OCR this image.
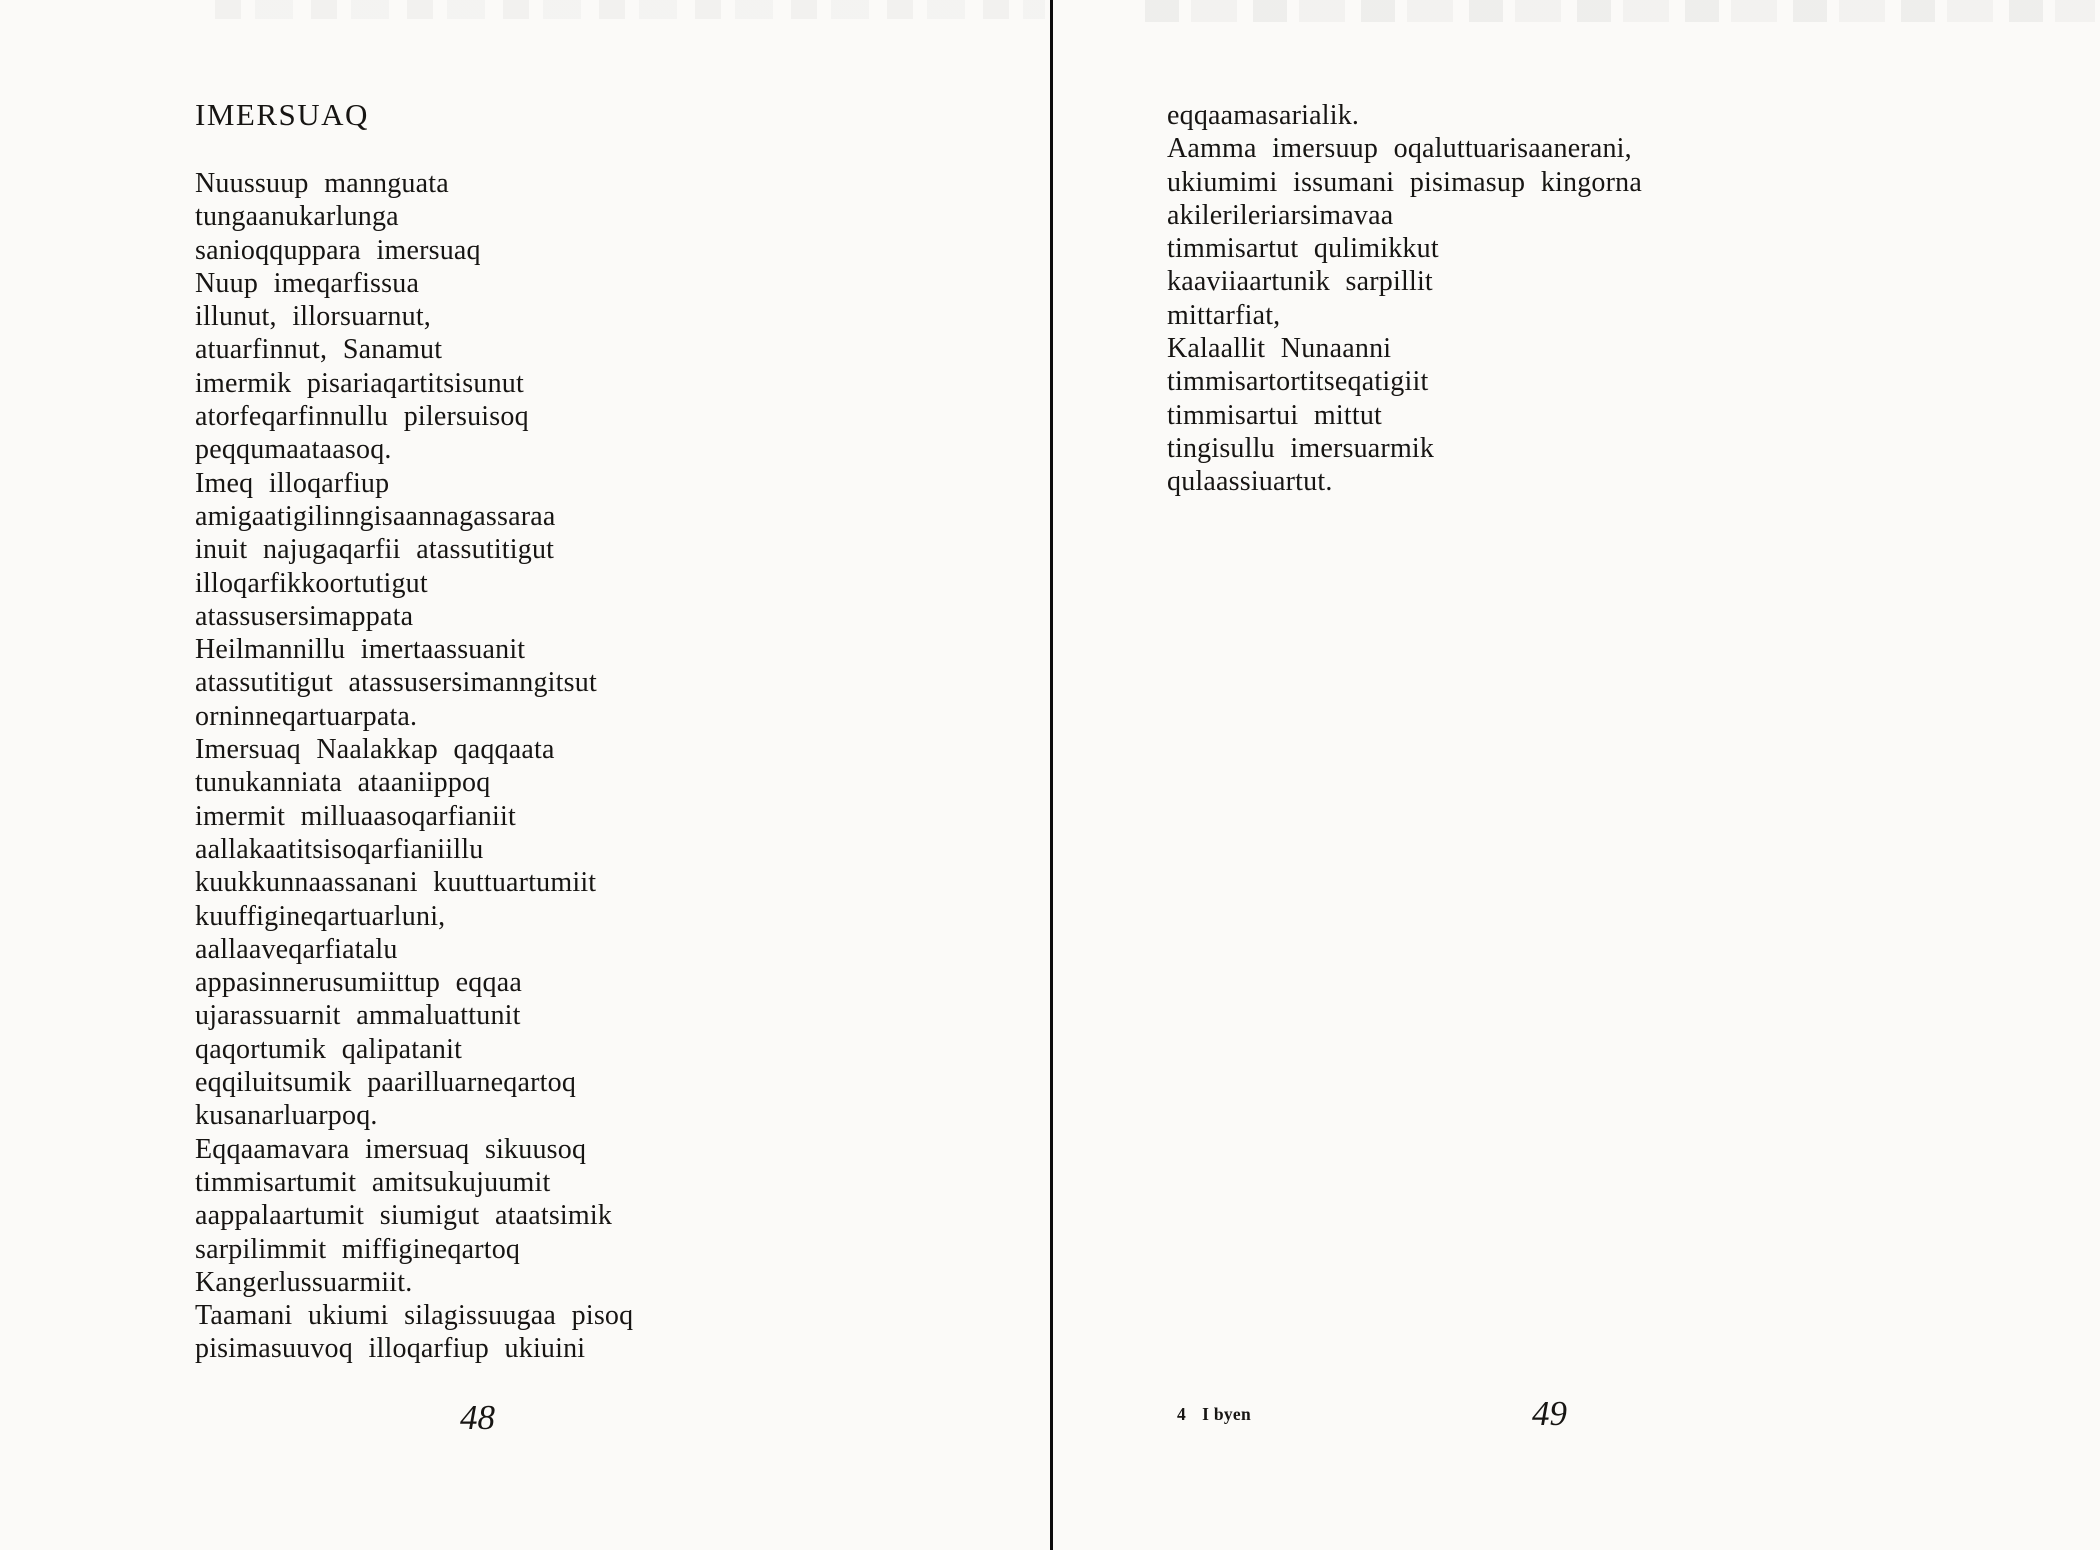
IMERSUAQ
Nuussuup mannguata
tungaanukarlunga
sanioqquppara imersuaq
Nuup imeqarfissua
illunut, illorsuarnut,
atuarfinnut, Sanamut
imermik pisariaqartitsisunut
atorfeqarfinnullu pilersuisoq
peqqumaataasoq.
Imeq illoqarfiup
amigaatigilinngisaannagassaraa
inuit najugaqarfii atassutitigut
illoqarfikkoortutigut
atassusersimappata
Heilmannillu imertaassuanit
atassutitigut atassusersimanngitsut
orninneqartuarpata.
Imersuaq Naalakkap qaqqaata
tunukanniata ataaniippoq
imermit milluaasoqarfianiit
aallakaatitsisoqarfianiillu
kuukkunnaassanani kuuttuartumiit
kuuffigineqartuarluni,
aallaaveqarfiatalu
appasinnerusumiittup eqqaa
ujarassuarnit ammaluattunit
qaqortumik qalipatanit
eqqiluitsumik paarilluarneqartoq
kusanarluarpoq.
Eqqaamavara imersuaq sikuusoq
timmisartumit amitsukujuumit
aappalaartumit siumigut ataatsimik
sarpilimmit miffigineqartoq
Kangerlussuarmiit.
Taamani ukiumi silagissuugaa pisoq
pisimasuuvoq illoqarfiup ukiuini
48
eqqaamasarialik.
Aamma imersuup oqaluttuarisaanerani,
ukiumimi issumani pisimasup kingorna
akilerileriarsimavaa
timmisartut qulimikkut
kaaviiaartunik sarpillit
mittarfiat,
Kalaallit Nunaanni
timmisartortitseqatigiit
timmisartui mittut
tingisullu imersuarmik
qulaassiuartut.
4 I byen	49
